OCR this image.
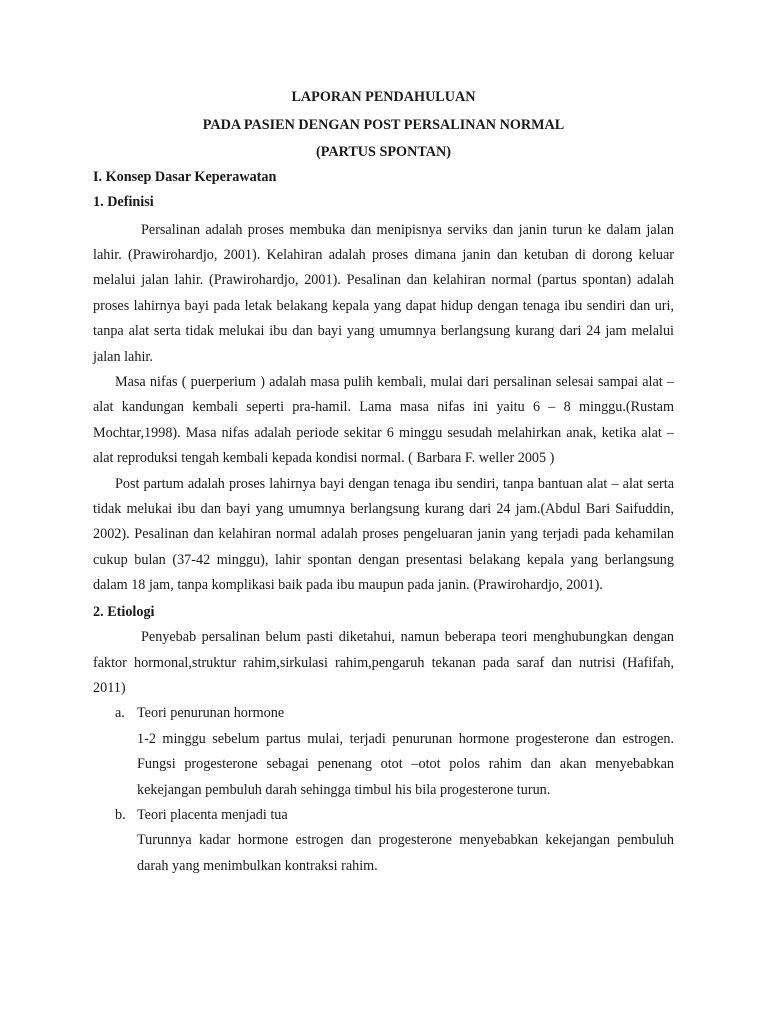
LAPORAN PENDAHULUAN
PADA PASIEN DENGAN POST PERSALINAN NORMAL
(PARTUS SPONTAN)
I. Konsep Dasar Keperawatan
1. Definisi

Persalinan adalah proses membuka dan menipisnya serviks dan janin turun ke dalam jalan lahir. (Prawirohardjo, 2001). Kelahiran adalah proses dimana janin dan ketuban di dorong keluar melalui jalan lahir. (Prawirohardjo, 2001). Pesalinan dan kelahiran normal (partus spontan) adalah proses lahirnya bayi pada letak belakang kepala yang dapat hidup dengan tenaga ibu sendiri dan uri, tanpa alat serta tidak melukai ibu dan bayi yang umumnya berlangsung kurang dari 24 jam melalui jalan lahir.

Masa nifas ( puerperium ) adalah masa pulih kembali, mulai dari persalinan selesai sampai alat – alat kandungan kembali seperti pra-hamil. Lama masa nifas ini yaitu 6 – 8 minggu.(Rustam Mochtar,1998). Masa nifas adalah periode sekitar 6 minggu sesudah melahirkan anak, ketika alat – alat reproduksi tengah kembali kepada kondisi normal. ( Barbara F. weller 2005 )

Post partum adalah proses lahirnya bayi dengan tenaga ibu sendiri, tanpa bantuan alat – alat serta tidak melukai ibu dan bayi yang umumnya berlangsung kurang dari 24 jam.(Abdul Bari Saifuddin, 2002). Pesalinan dan kelahiran normal adalah proses pengeluaran janin yang terjadi pada kehamilan cukup bulan (37-42 minggu), lahir spontan dengan presentasi belakang kepala yang berlangsung dalam 18 jam, tanpa komplikasi baik pada ibu maupun pada janin. (Prawirohardjo, 2001).

2. Etiologi

Penyebab persalinan belum pasti diketahui, namun beberapa teori menghubungkan dengan faktor hormonal,struktur rahim,sirkulasi rahim,pengaruh tekanan pada saraf dan nutrisi (Hafifah, 2011)

a. Teori penurunan hormone

1-2 minggu sebelum partus mulai, terjadi penurunan hormone progesterone dan estrogen. Fungsi progesterone sebagai penenang otot –otot polos rahim dan akan menyebabkan kekejangan pembuluh darah sehingga timbul his bila progesterone turun.

b. Teori placenta menjadi tua

Turunnya kadar hormone estrogen dan progesterone menyebabkan kekejangan pembuluh darah yang menimbulkan kontraksi rahim.
